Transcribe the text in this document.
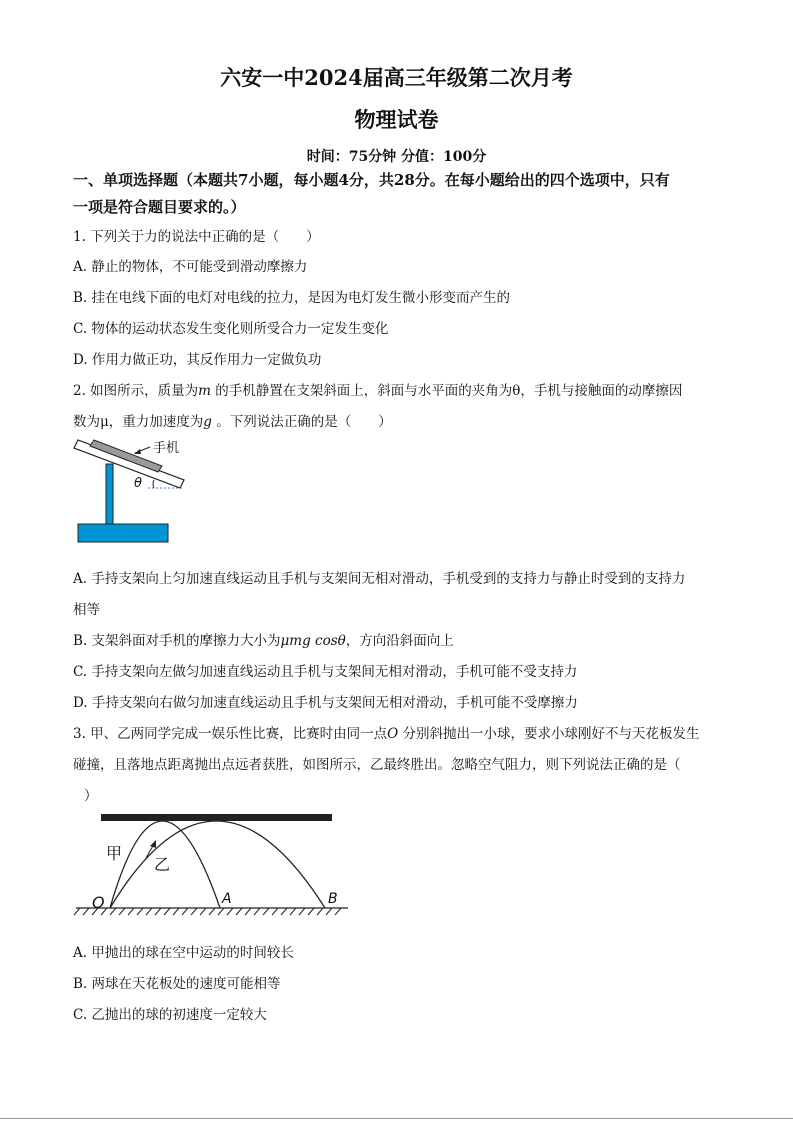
六安一中2024届高三年级第二次月考
物理试卷
时间：75分钟 分值：100分
一、单项选择题（本题共7小题，每小题4分，共28分。在每小题给出的四个选项中，只有
一项是符合题目要求的。）
1. 下列关于力的说法中正确的是（　　）
A. 静止的物体，不可能受到滑动摩擦力
B. 挂在电线下面的电灯对电线的拉力，是因为电灯发生微小形变而产生的
C. 物体的运动状态发生变化则所受合力一定发生变化
D. 作用力做正功，其反作用力一定做负功
2. 如图所示，质量为m 的手机静置在支架斜面上，斜面与水平面的夹角为θ，手机与接触面的动摩擦因
数为μ，重力加速度为g 。下列说法正确的是（　　）
手机
θ
A. 手持支架向上匀加速直线运动且手机与支架间无相对滑动，手机受到的支持力与静止时受到的支持力
相等
B. 支架斜面对手机的摩擦力大小为μmg cosθ，方向沿斜面向上
C. 手持支架向左做匀加速直线运动且手机与支架间无相对滑动，手机可能不受支持力
D. 手持支架向右做匀加速直线运动且手机与支架间无相对滑动，手机可能不受摩擦力
3. 甲、乙两同学完成一娱乐性比赛，比赛时由同一点O 分别斜抛出一小球，要求小球刚好不与天花板发生
碰撞，且落地点距离抛出点远者获胜，如图所示，乙最终胜出。忽略空气阻力，则下列说法正确的是（
）
甲
乙
O	A	B
A. 甲抛出的球在空中运动的时间较长
B. 两球在天花板处的速度可能相等
C. 乙抛出的球的初速度一定较大
